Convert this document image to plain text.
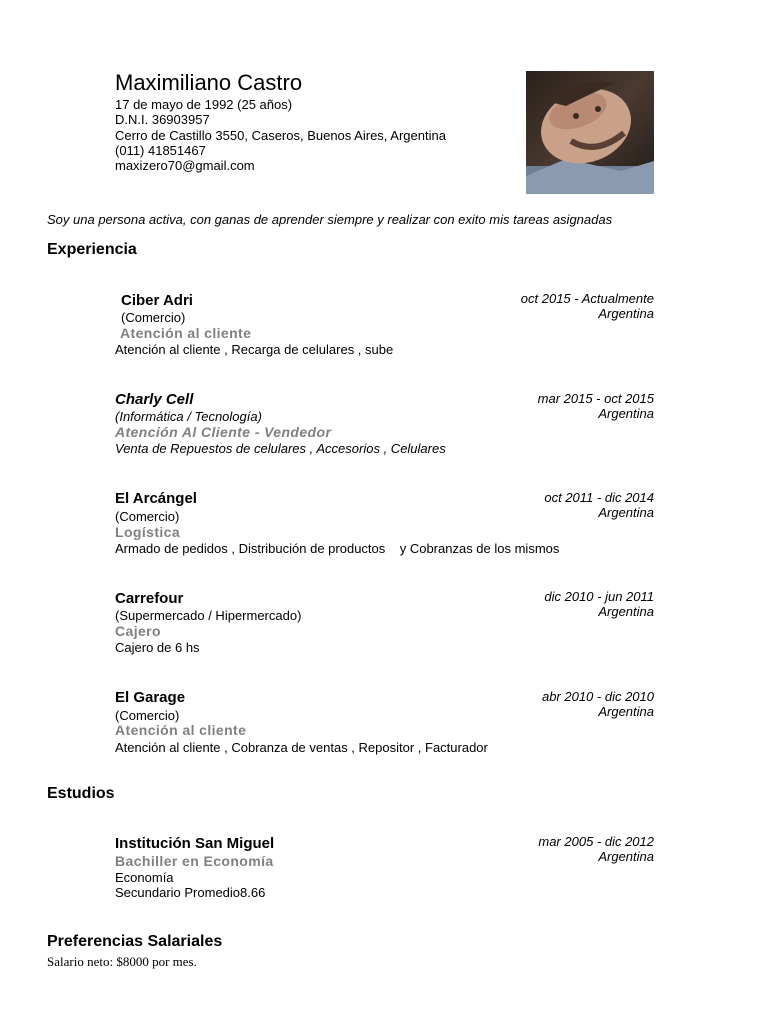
Maximiliano Castro
17 de mayo de 1992 (25 años)
D.N.I. 36903957
Cerro de Castillo 3550, Caseros, Buenos Aires, Argentina
(011) 41851467
maxizero70@gmail.com
Soy una persona activa, con ganas de aprender siempre y realizar con exito mis tareas asignadas
Experiencia
Ciber Adri
(Comercio)
Atención al cliente
Atención al cliente , Recarga de celulares , sube
oct 2015 - Actualmente
Argentina
Charly Cell
(Informática / Tecnología)
Atención Al Cliente - Vendedor
Venta de Repuestos de celulares , Accesorios , Celulares
mar 2015 - oct 2015
Argentina
El Arcángel
(Comercio)
Logística
Armado de pedidos , Distribución de productos    y Cobranzas de los mismos
oct 2011 - dic 2014
Argentina
Carrefour
(Supermercado / Hipermercado)
Cajero
Cajero de 6 hs
dic 2010 - jun 2011
Argentina
El Garage
(Comercio)
Atención al cliente
Atención al cliente , Cobranza de ventas , Repositor , Facturador
abr 2010 - dic 2010
Argentina
Estudios
Institución San Miguel
Bachiller en Economía
Economía
Secundario Promedio8.66
mar 2005 - dic 2012
Argentina
Preferencias Salariales
Salario neto: $8000 por mes.
